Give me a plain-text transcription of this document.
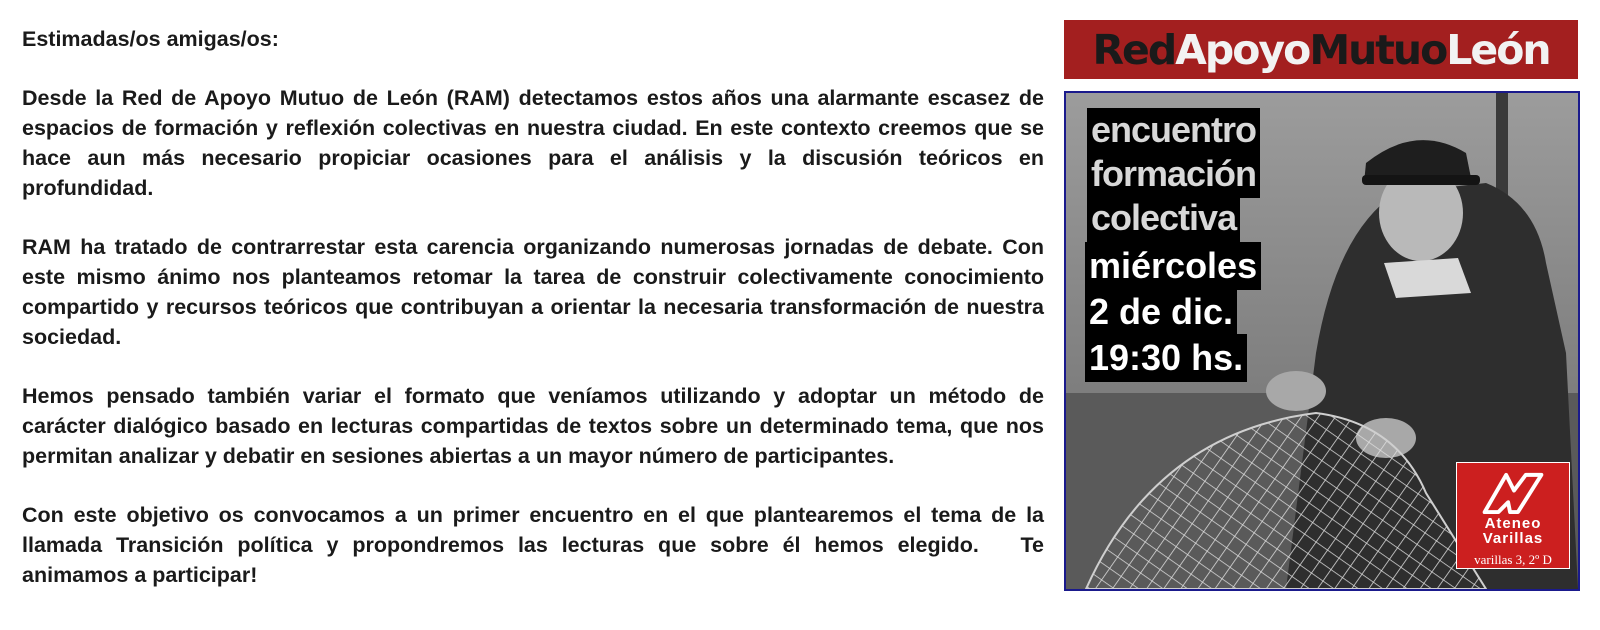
Estimadas/os amigas/os:

Desde la Red de Apoyo Mutuo de León (RAM) detectamos estos años una alarmante escasez de espacios de formación y reflexión colectivas en nuestra ciudad. En este contexto creemos que se hace aun más necesario propiciar ocasiones para el análisis y la discusión teóricos en profundidad.

RAM ha tratado de contrarrestar esta carencia organizando numerosas jornadas de debate. Con este mismo ánimo nos planteamos retomar la tarea de construir colectivamente conocimiento compartido y recursos teóricos que contribuyan a orientar la necesaria transformación de nuestra sociedad.

Hemos pensado también variar el formato que veníamos utilizando y adoptar un método de carácter dialógico basado en lecturas compartidas de textos sobre un determinado tema, que nos permitan analizar y debatir en sesiones abiertas a un mayor número de participantes.

Con este objetivo os convocamos a un primer encuentro en el que plantearemos el tema de la llamada Transición política y propondremos las lecturas que sobre él hemos elegido. Te animamos a participar!

Red Apoyo Mutuo León
encuentro
formación
colectiva
miércoles
2 de dic.
19:30 hs.
Ateneo
Varillas
varillas 3, 2º D
